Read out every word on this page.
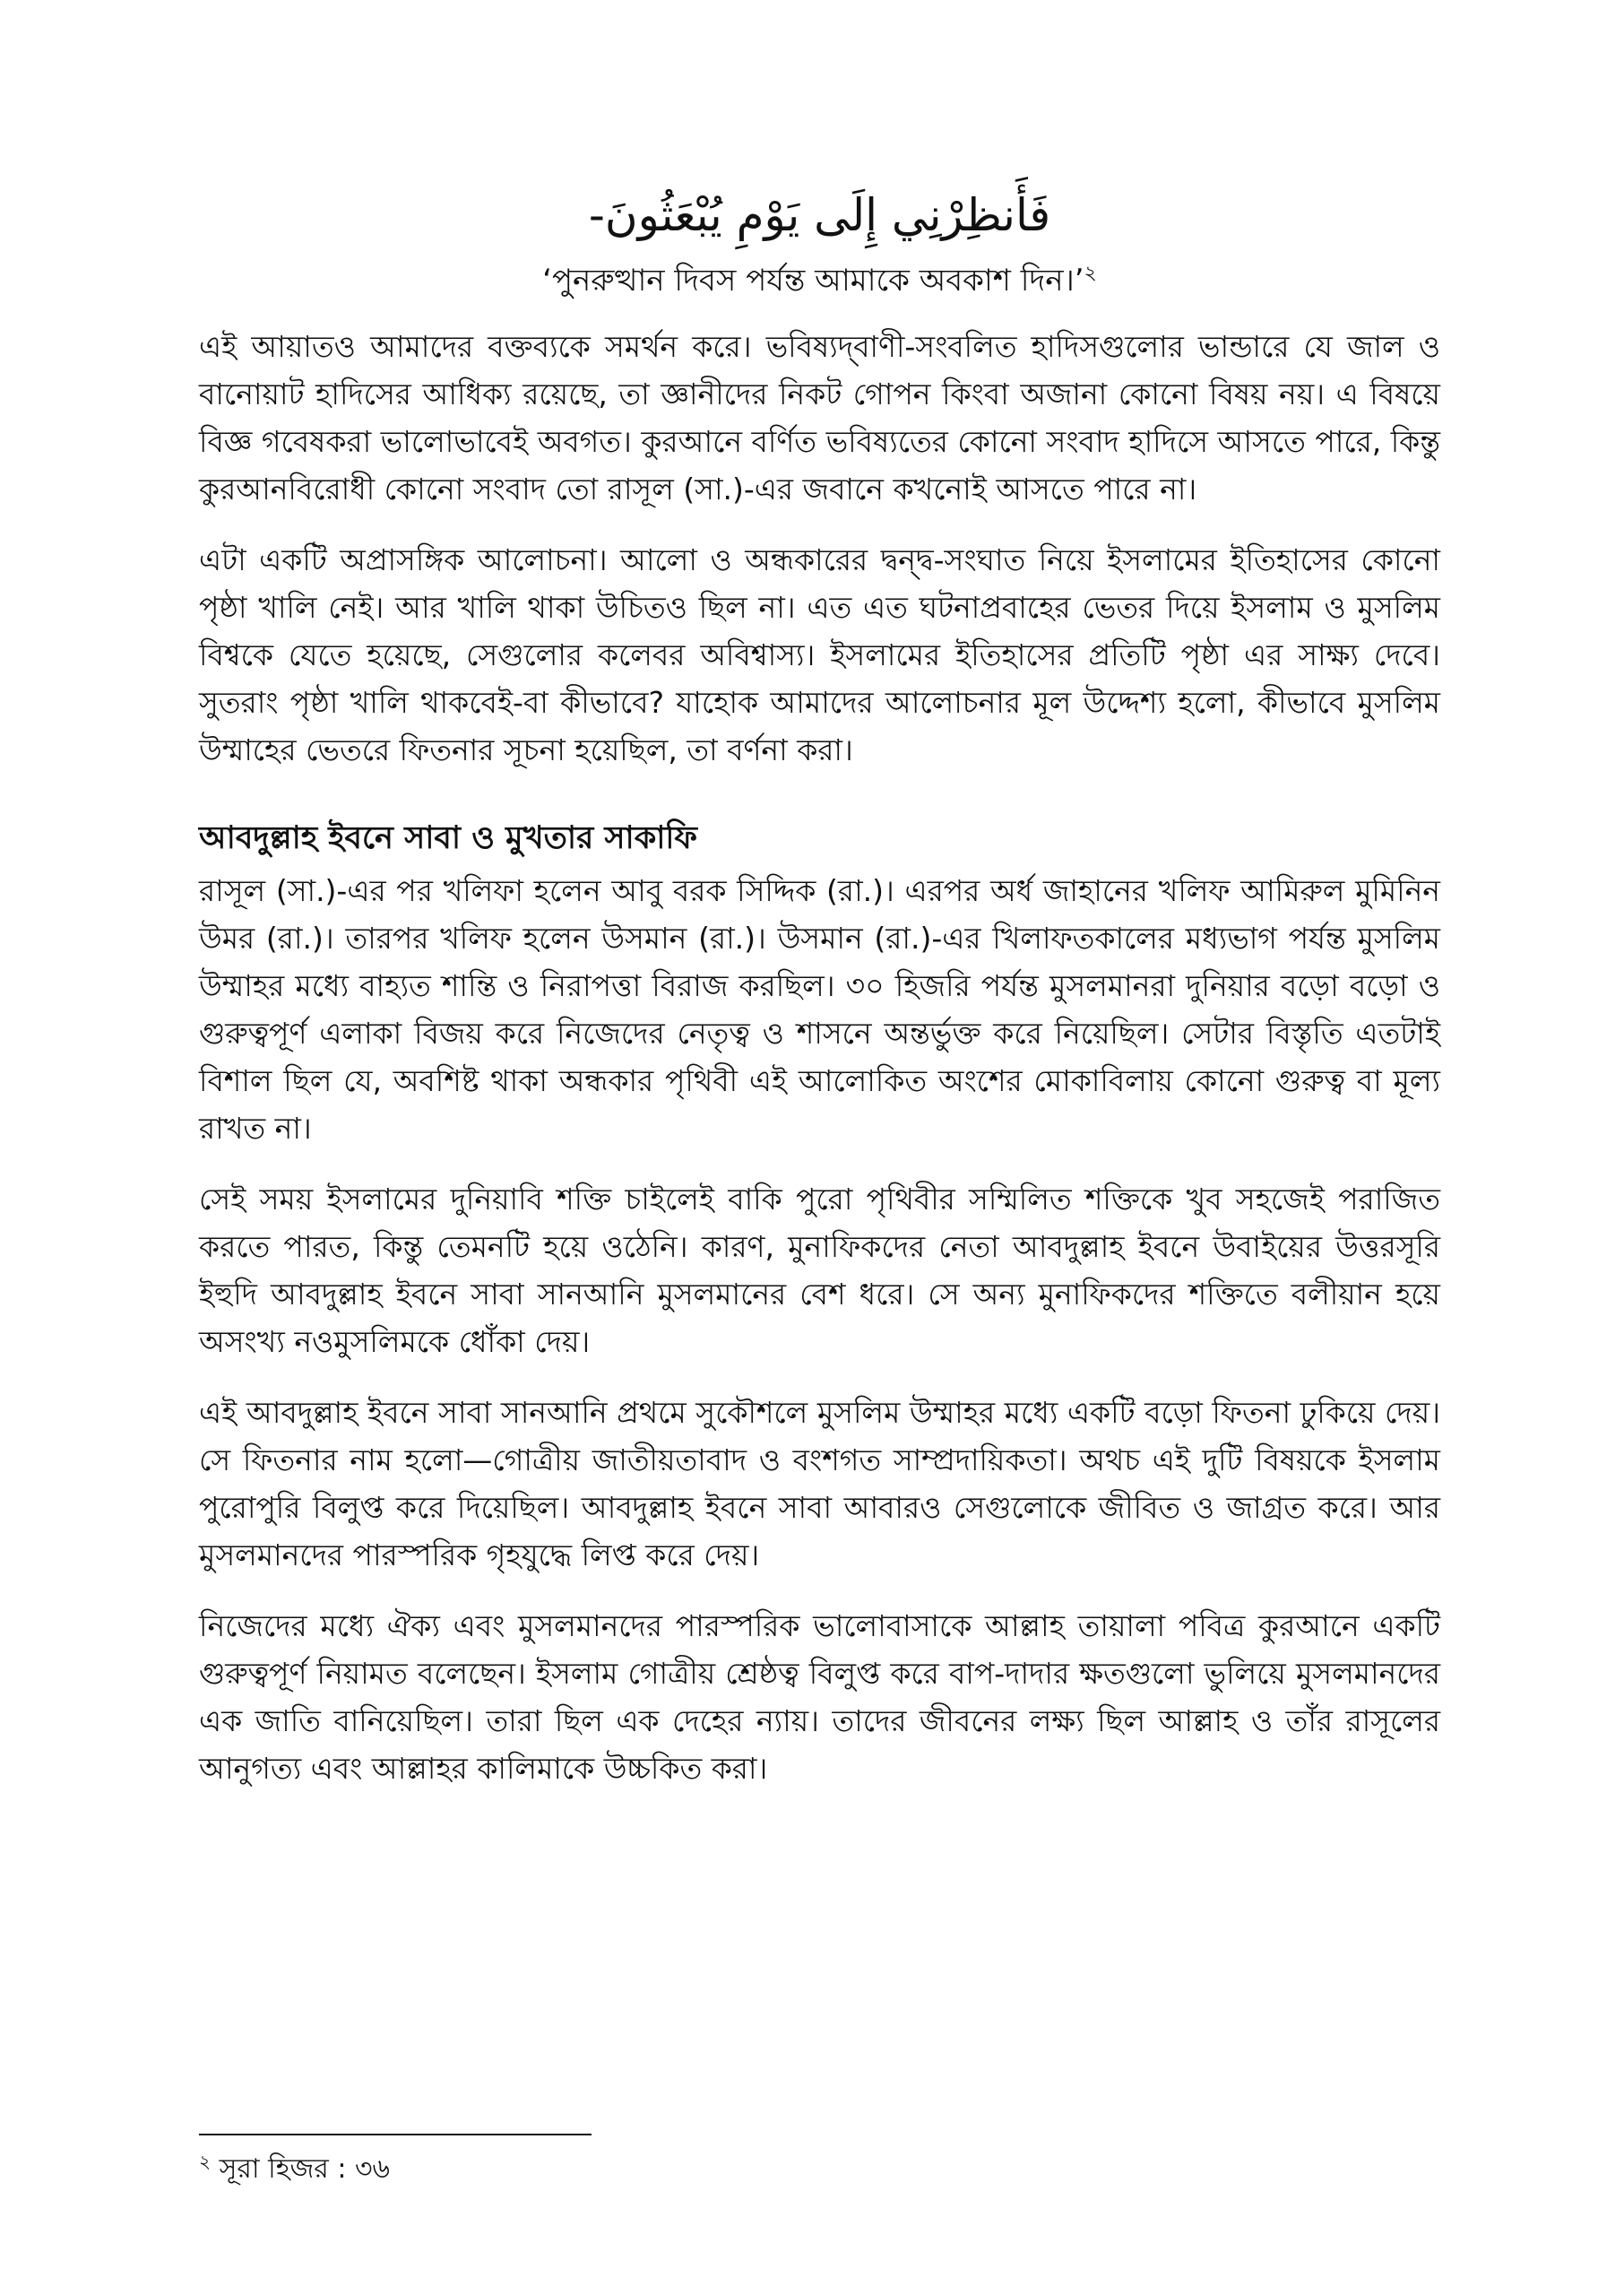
فَأَنظِرْنِي إِلَى يَوْمِ يُبْعَثُونَ-
‘পুনরুত্থান দিবস পর্যন্ত আমাকে অবকাশ দিন।’$^২$

এই আয়াতও আমাদের বক্তব্যকে সমর্থন করে। ভবিষ্যদ্‌বাণী-সংবলিত হাদিসগুলোর ভান্ডারে যে জাল ও বানোয়াট হাদিসের আধিক্য রয়েছে, তা জ্ঞানীদের নিকট গোপন কিংবা অজানা কোনো বিষয় নয়। এ বিষয়ে বিজ্ঞ গবেষকরা ভালোভাবেই অবগত। কুরআনে বর্ণিত ভবিষ্যতের কোনো সংবাদ হাদিসে আসতে পারে, কিন্তু কুরআনবিরোধী কোনো সংবাদ তো রাসূল (সা.)-এর জবানে কখনোই আসতে পারে না।

এটা একটি অপ্রাসঙ্গিক আলোচনা। আলো ও অন্ধকারের দ্বন্দ্ব-সংঘাত নিয়ে ইসলামের ইতিহাসের কোনো পৃষ্ঠা খালি নেই। আর খালি থাকা উচিতও ছিল না। এত এত ঘটনাপ্রবাহের ভেতর দিয়ে ইসলাম ও মুসলিম বিশ্বকে যেতে হয়েছে, সেগুলোর কলেবর অবিশ্বাস্য। ইসলামের ইতিহাসের প্রতিটি পৃষ্ঠা এর সাক্ষ্য দেবে। সুতরাং পৃষ্ঠা খালি থাকবেই-বা কীভাবে? যাহোক আমাদের আলোচনার মূল উদ্দেশ্য হলো, কীভাবে মুসলিম উম্মাহের ভেতরে ফিতনার সূচনা হয়েছিল, তা বর্ণনা করা।

আবদুল্লাহ ইবনে সাবা ও মুখতার সাকাফি

রাসূল (সা.)-এর পর খলিফা হলেন আবু বরক সিদ্দিক (রা.)। এরপর অর্ধ জাহানের খলিফ আমিরুল মুমিনিন উমর (রা.)। তারপর খলিফ হলেন উসমান (রা.)। উসমান (রা.)-এর খিলাফতকালের মধ্যভাগ পর্যন্ত মুসলিম উম্মাহর মধ্যে বাহ্যত শান্তি ও নিরাপত্তা বিরাজ করছিল। ৩০ হিজরি পর্যন্ত মুসলমানরা দুনিয়ার বড়ো বড়ো ও গুরুত্বপূর্ণ এলাকা বিজয় করে নিজেদের নেতৃত্ব ও শাসনে অন্তর্ভুক্ত করে নিয়েছিল। সেটার বিস্তৃতি এতটাই বিশাল ছিল যে, অবশিষ্ট থাকা অন্ধকার পৃথিবী এই আলোকিত অংশের মোকাবিলায় কোনো গুরুত্ব বা মূল্য রাখত না।

সেই সময় ইসলামের দুনিয়াবি শক্তি চাইলেই বাকি পুরো পৃথিবীর সম্মিলিত শক্তিকে খুব সহজেই পরাজিত করতে পারত, কিন্তু তেমনটি হয়ে ওঠেনি। কারণ, মুনাফিকদের নেতা আবদুল্লাহ ইবনে উবাইয়ের উত্তরসূরি ইহুদি আবদুল্লাহ ইবনে সাবা সানআনি মুসলমানের বেশ ধরে। সে অন্য মুনাফিকদের শক্তিতে বলীয়ান হয়ে অসংখ্য নওমুসলিমকে ধোঁকা দেয়।

এই আবদুল্লাহ ইবনে সাবা সানআনি প্রথমে সুকৌশলে মুসলিম উম্মাহর মধ্যে একটি বড়ো ফিতনা ঢুকিয়ে দেয়। সে ফিতনার নাম হলো—গোত্রীয় জাতীয়তাবাদ ও বংশগত সাম্প্রদায়িকতা। অথচ এই দুটি বিষয়কে ইসলাম পুরোপুরি বিলুপ্ত করে দিয়েছিল। আবদুল্লাহ ইবনে সাবা আবারও সেগুলোকে জীবিত ও জাগ্রত করে। আর মুসলমানদের পারস্পরিক গৃহযুদ্ধে লিপ্ত করে দেয়।

নিজেদের মধ্যে ঐক্য এবং মুসলমানদের পারস্পরিক ভালোবাসাকে আল্লাহ তায়ালা পবিত্র কুরআনে একটি গুরুত্বপূর্ণ নিয়ামত বলেছেন। ইসলাম গোত্রীয় শ্রেষ্ঠত্ব বিলুপ্ত করে বাপ-দাদার ক্ষতগুলো ভুলিয়ে মুসলমানদের এক জাতি বানিয়েছিল। তারা ছিল এক দেহের ন্যায়। তাদের জীবনের লক্ষ্য ছিল আল্লাহ ও তাঁর রাসূলের আনুগত্য এবং আল্লাহর কালিমাকে উচ্চকিত করা।

$^২$ সূরা হিজর : ৩৬
